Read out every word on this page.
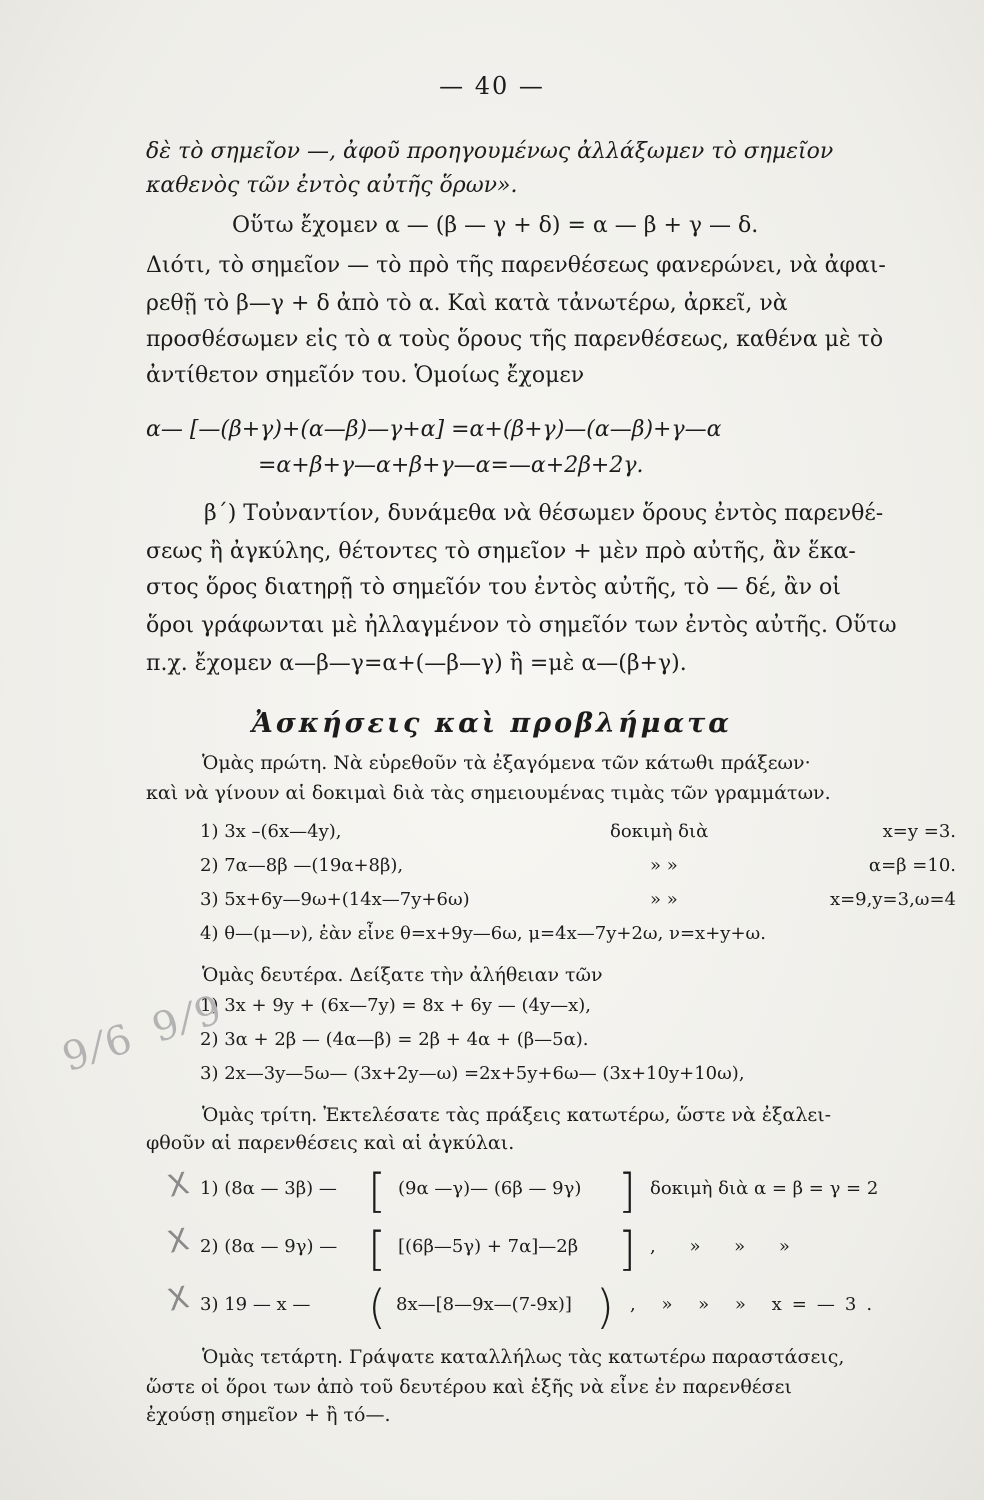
— 40 —
δὲ τὸ σημεῖον —, ἀφοῦ προηγουμένως ἀλλάξωμεν τὸ σημεῖον
καθενὸς τῶν ἐντὸς αὐτῆς ὅρων».
Οὕτω ἔχομεν α — (β — γ + δ) = α — β + γ — δ.
Διότι, τὸ σημεῖον — τὸ πρὸ τῆς παρενθέσεως φανερώνει, νὰ ἀφαι-
ρεθῇ τὸ β—γ + δ ἀπὸ τὸ α. Καὶ κατὰ τἀνωτέρω, ἀρκεῖ, νὰ
προσθέσωμεν εἰς τὸ α τοὺς ὅρους τῆς παρενθέσεως, καθένα μὲ τὸ
ἀντίθετον σημεῖόν του. Ὁμοίως ἔχομεν
α— [—(β+γ)+(α—β)—γ+α] =α+(β+γ)—(α—β)+γ—α
=α+β+γ—α+β+γ—α=—α+2β+2γ.
β΄) Τοὐναντίον, δυνάμεθα νὰ θέσωμεν ὅρους ἐντὸς παρενθέ-
σεως ἢ ἀγκύλης, θέτοντες τὸ σημεῖον + μὲν πρὸ αὐτῆς, ἂν ἕκα-
στος ὅρος διατηρῇ τὸ σημεῖόν του ἐντὸς αὐτῆς, τὸ — δέ, ἂν οἱ
ὅροι γράφωνται μὲ ἠλλαγμένον τὸ σημεῖόν των ἐντὸς αὐτῆς. Οὕτω
π.χ. ἔχομεν α—β—γ=α+(—β—γ) ἢ =μὲ α—(β+γ).
Ἀσκήσεις καὶ προβλήματα
Ὁμὰς πρώτη. Νὰ εὑρεθοῦν τὰ ἐξαγόμενα τῶν κάτωθι πράξεων·
καὶ νὰ γίνουν αἱ δοκιμαὶ διὰ τὰς σημειουμένας τιμὰς τῶν γραμμάτων.
1) 3x –(6x—4y),	δοκιμὴ διὰ	x=y =3.
2) 7α—8β —(19α+8β),	» »	α=β =10.
3) 5x+6y—9ω+(14x—7y+6ω)	» »	x=9,y=3,ω=4
4) θ—(μ—ν), ἐὰν εἶνε θ=x+9y—6ω, μ=4x—7y+2ω, ν=x+y+ω.
Ὁμὰς δευτέρα. Δείξατε τὴν ἀλήθειαν τῶν
1) 3x + 9y + (6x—7y) = 8x + 6y — (4y—x),
2) 3α + 2β — (4α—β) = 2β + 4α + (β—5α).
3) 2x—3y—5ω— (3x+2y—ω) =2x+5y+6ω— (3x+10y+10ω),
Ὁμὰς τρίτη. Ἐκτελέσατε τὰς πράξεις κατωτέρω, ὥστε νὰ ἐξαλει-
φθοῦν αἱ παρενθέσεις καὶ αἱ ἀγκύλαι.
X 1) (8α — 3β) — [ (9α —γ)— (6β — 9γ) ] δοκιμὴ διὰ α = β = γ = 2
X 2) (8α — 9γ) — [ [(6β—5γ) + 7α]—2β ] , » » »
X 3) 19 — x — ( 8x—[8—9x—(7-9x)] ) , » » » x=—3.
Ὁμὰς τετάρτη. Γράψατε καταλλήλως τὰς κατωτέρω παραστάσεις,
ὥστε οἱ ὅροι των ἀπὸ τοῦ δευτέρου καὶ ἑξῆς νὰ εἶνε ἐν παρενθέσει
ἐχούσῃ σημεῖον + ἢ τό—.
9⁄6 9⁄9
